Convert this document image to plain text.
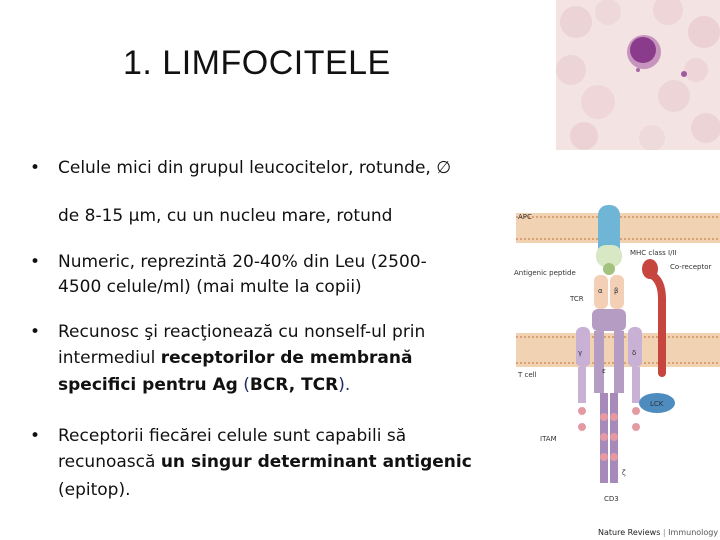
1. LIMFOCITELE
• Celule mici din grupul leucocitelor, rotunde, ∅
de 8-15 µm, cu un nucleu mare, rotund
• Numeric, reprezintă 20-40% din Leu (2500-
4500 celule/ml) (mai multe la copii)
• Recunosc şi reacţionează cu nonself-ul prin
intermediul receptorilor de membrană
specifici pentru Ag (BCR, TCR).
• Receptorii fiecărei celule sunt capabili să
recunoască un singur determinant antigenic
(epitop).
APC
T cell
α β
γ	δ
ε
ζ
LCK
MHC class I/II
Antigenic peptide
Co-receptor
TCR
ITAM
CD3
Nature Reviews | Immunology
